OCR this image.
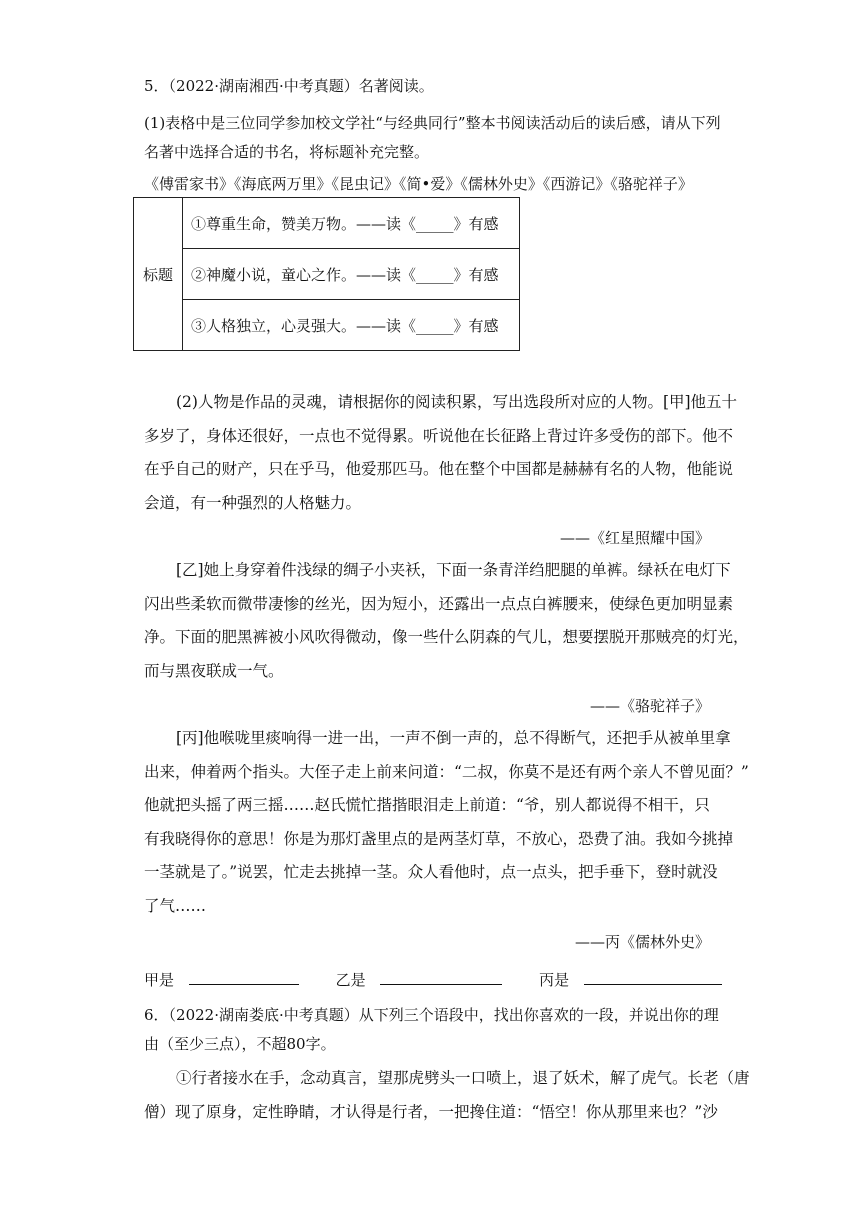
5．（2022·湖南湘西·中考真题）名著阅读。
(1)表格中是三位同学参加校文学社“与经典同行”整本书阅读活动后的读后感，请从下列
名著中选择合适的书名，将标题补充完整。
《傅雷家书》《海底两万里》《昆虫记》《简•爱》《儒林外史》《西游记》《骆驼祥子》
标题	①尊重生命，赞美万物。——读《_____》有感
②神魔小说，童心之作。——读《_____》有感
③人格独立，心灵强大。——读《_____》有感
(2)人物是作品的灵魂，请根据你的阅读积累，写出选段所对应的人物。[甲]他五十
多岁了，身体还很好，一点也不觉得累。听说他在长征路上背过许多受伤的部下。他不
在乎自己的财产，只在乎马，他爱那匹马。他在整个中国都是赫赫有名的人物，他能说
会道，有一种强烈的人格魅力。
——《红星照耀中国》
[乙]她上身穿着件浅绿的绸子小夹袄，下面一条青洋绉肥腿的单裤。绿袄在电灯下
闪出些柔软而微带凄惨的丝光，因为短小，还露出一点点白裤腰来，使绿色更加明显素
净。下面的肥黑裤被小风吹得微动，像一些什么阴森的气儿，想要摆脱开那贼亮的灯光，
而与黑夜联成一气。
——《骆驼祥子》
[丙]他喉咙里痰响得一进一出，一声不倒一声的，总不得断气，还把手从被单里拿
出来，伸着两个指头。大侄子走上前来问道：“二叔，你莫不是还有两个亲人不曾见面？”
他就把头摇了两三摇……赵氏慌忙揩揩眼泪走上前道：“爷，别人都说得不相干，只
有我晓得你的意思！你是为那灯盏里点的是两茎灯草，不放心，恐费了油。我如今挑掉
一茎就是了。”说罢，忙走去挑掉一茎。众人看他时，点一点头，把手垂下，登时就没
了气……
——丙《儒林外史》
甲是	乙是	丙是
6．（2022·湖南娄底·中考真题）从下列三个语段中，找出你喜欢的一段，并说出你的理
由（至少三点），不超80字。
①行者接水在手，念动真言，望那虎劈头一口喷上，退了妖术，解了虎气。长老（唐
僧）现了原身，定性睁睛，才认得是行者，一把搀住道：“悟空！你从那里来也？”沙
